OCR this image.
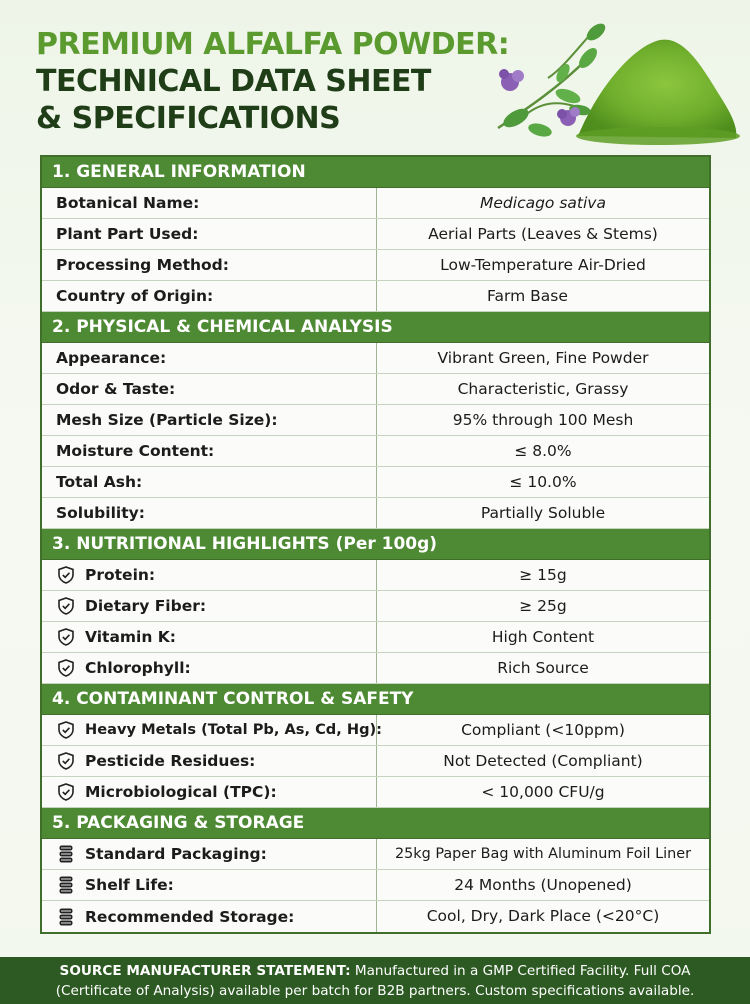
PREMIUM ALFALFA POWDER:
TECHNICAL DATA SHEET
& SPECIFICATIONS
1. GENERAL INFORMATION
Botanical Name:	Medicago sativa
Plant Part Used:	Aerial Parts (Leaves & Stems)
Processing Method:	Low-Temperature Air-Dried
Country of Origin:	Farm Base
2. PHYSICAL & CHEMICAL ANALYSIS
Appearance:	Vibrant Green, Fine Powder
Odor & Taste:	Characteristic, Grassy
Mesh Size (Particle Size):	95% through 100 Mesh
Moisture Content:	≤ 8.0%
Total Ash:	≤ 10.0%
Solubility:	Partially Soluble
3. NUTRITIONAL HIGHLIGHTS (Per 100g)
Protein:	≥ 15g
Dietary Fiber:	≥ 25g
Vitamin K:	High Content
Chlorophyll:	Rich Source
4. CONTAMINANT CONTROL & SAFETY
Heavy Metals (Total Pb, As, Cd, Hg):	Compliant (<10ppm)
Pesticide Residues:	Not Detected (Compliant)
Microbiological (TPC):	< 10,000 CFU/g
5. PACKAGING & STORAGE
Standard Packaging:	25kg Paper Bag with Aluminum Foil Liner
Shelf Life:	24 Months (Unopened)
Recommended Storage:	Cool, Dry, Dark Place (<20°C)
SOURCE MANUFACTURER STATEMENT: Manufactured in a GMP Certified Facility. Full COA
(Certificate of Analysis) available per batch for B2B partners. Custom specifications available.
